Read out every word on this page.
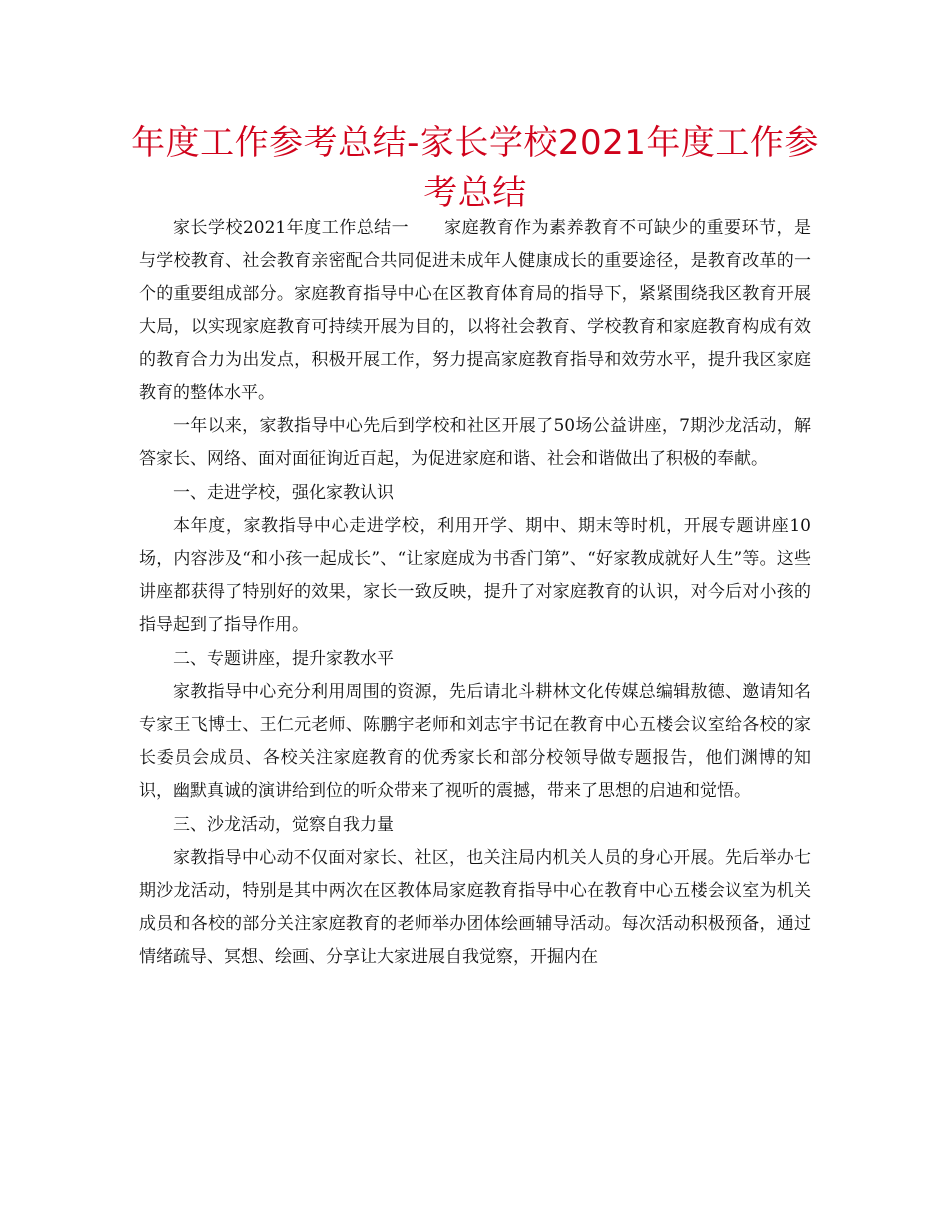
年度工作参考总结-家长学校2021年度工作参考总结

家长学校2021年度工作总结一　　家庭教育作为素养教育不可缺少的重要环节，是与学校教育、社会教育亲密配合共同促进未成年人健康成长的重要途径，是教育改革的一个的重要组成部分。家庭教育指导中心在区教育体育局的指导下，紧紧围绕我区教育开展大局，以实现家庭教育可持续开展为目的，以将社会教育、学校教育和家庭教育构成有效的教育合力为出发点，积极开展工作，努力提高家庭教育指导和效劳水平，提升我区家庭教育的整体水平。

一年以来，家教指导中心先后到学校和社区开展了50场公益讲座，7期沙龙活动，解答家长、网络、面对面征询近百起，为促进家庭和谐、社会和谐做出了积极的奉献。

一、走进学校，强化家教认识

本年度，家教指导中心走进学校，利用开学、期中、期末等时机，开展专题讲座10场，内容涉及“和小孩一起成长”、“让家庭成为书香门第”、“好家教成就好人生”等。这些讲座都获得了特别好的效果，家长一致反映，提升了对家庭教育的认识，对今后对小孩的指导起到了指导作用。

二、专题讲座，提升家教水平

家教指导中心充分利用周围的资源，先后请北斗耕林文化传媒总编辑敖德、邀请知名专家王飞博士、王仁元老师、陈鹏宇老师和刘志宇书记在教育中心五楼会议室给各校的家长委员会成员、各校关注家庭教育的优秀家长和部分校领导做专题报告，他们渊博的知识，幽默真诚的演讲给到位的听众带来了视听的震撼，带来了思想的启迪和觉悟。

三、沙龙活动，觉察自我力量

家教指导中心动不仅面对家长、社区，也关注局内机关人员的身心开展。先后举办七期沙龙活动，特别是其中两次在区教体局家庭教育指导中心在教育中心五楼会议室为机关成员和各校的部分关注家庭教育的老师举办团体绘画辅导活动。每次活动积极预备，通过情绪疏导、冥想、绘画、分享让大家进展自我觉察，开掘内在
